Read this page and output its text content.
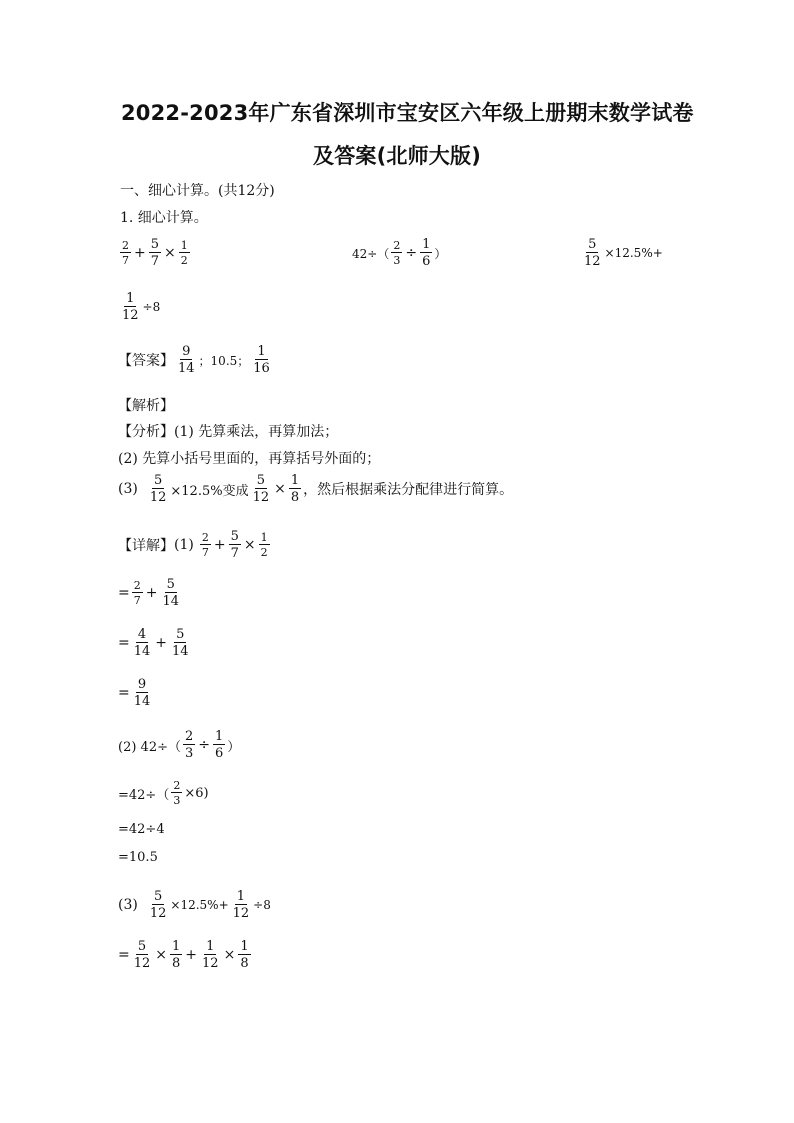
2022-2023年广东省深圳市宝安区六年级上册期末数学试卷
及答案(北师大版)
一、细心计算。(共12分)
1. 细心计算。
$\frac{2}{7} + \frac{5}{7} \times \frac{1}{2}$	$42\div( \frac{2}{3} \div \frac{1}{6}$ ）	$\frac{5}{12} \times 12.5\%+$
$\frac{1}{12} \div 8$
【答案】 $\frac{9}{14}$ ；10.5； $\frac{1}{16}$
【解析】
【分析】 (1) 先算乘法，再算加法；
(2) 先算小括号里面的，再算括号外面的；
$(3) \frac{5}{12} \times 12.5\%$变成 $\frac{5}{12} \times \frac{1}{8}$ ，然后根据乘法分配律进行简算。
【详解】 $(1) \frac{2}{7} + \frac{5}{7} \times \frac{1}{2}$
= $\frac{2}{7} + \frac{5}{14}$
= $\frac{4}{14} + \frac{5}{14}$
= $\frac{9}{14}$
(2) $42\div( \frac{2}{3} \div \frac{1}{6}$ ）
$=42\div( \frac{2}{3} \times 6)$
=42÷4
=10.5
$(3) \frac{5}{12} \times 12.5\%+ \frac{1}{12} \div 8$
= $\frac{5}{12} \times \frac{1}{8} + \frac{1}{12} \times \frac{1}{8}$
